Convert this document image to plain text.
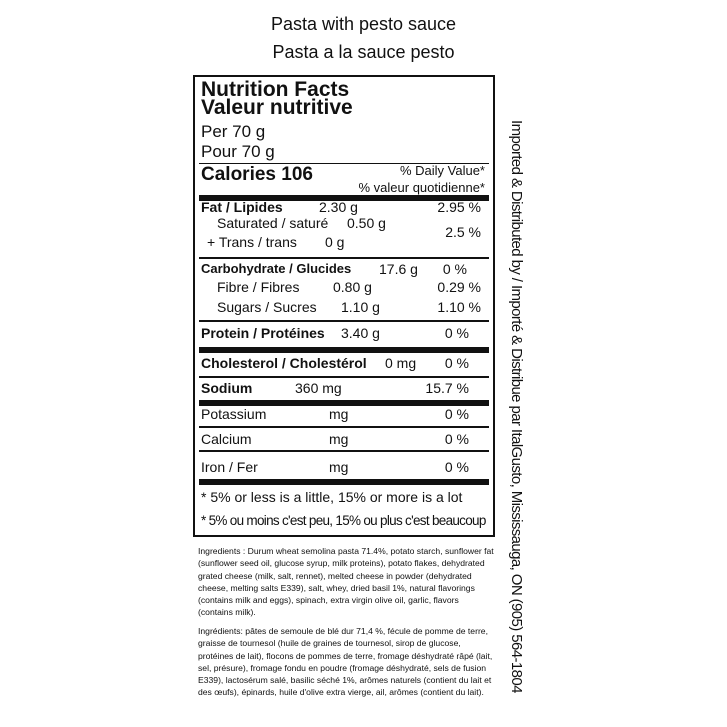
Pasta with pesto sauce
Pasta a la sauce pesto
Nutrition Facts
Valeur nutritive
Per 70 g
Pour 70 g
Calories 106	% Daily Value*
% valeur quotidienne*
Fat / Lipides	2.30 g	2.95 %
Saturated / saturé 0.50 g
+ Trans / trans 0 g
2.5 %
Carbohydrate / Glucides 17.6 g 0 %
Fibre / Fibres 0.80 g	0.29 %
Sugars / Sucres 1.10 g	1.10 %
Protein / Protéines 3.40 g	0 %
Cholesterol / Cholestérol 0 mg 0 %
Sodium	360 mg	15.7 %
Potassium	mg	0 %
Calcium	mg	0 %
Iron / Fer	mg	0 %
* 5% or less is a little, 15% or more is a lot
* 5% ou moins c'est peu, 15% ou plus c'est beaucoup
Ingredients : Durum wheat semolina pasta 71.4%, potato starch, sunflower fat (sunflower seed oil, glucose syrup, milk proteins), potato flakes, dehydrated grated cheese (milk, salt, rennet), melted cheese in powder (dehydrated cheese, melting salts E339), salt, whey, dried basil 1%, natural flavorings (contains milk and eggs), spinach, extra virgin olive oil, garlic, flavors (contains milk).
Ingrédients: pâtes de semoule de blé dur 71,4 %, fécule de pomme de terre, graisse de tournesol (huile de graines de tournesol, sirop de glucose, protéines de lait), flocons de pommes de terre, fromage déshydraté râpé (lait, sel, présure), fromage fondu en poudre (fromage déshydraté, sels de fusion E339), lactosérum salé, basilic séché 1%, arômes naturels (contient du lait et des œufs), épinards, huile d'olive extra vierge, ail, arômes (contient du lait).	Imported & Distributed by / Importé & Distribue par ItalGusto, Mississauga, ON (905) 564-1804
